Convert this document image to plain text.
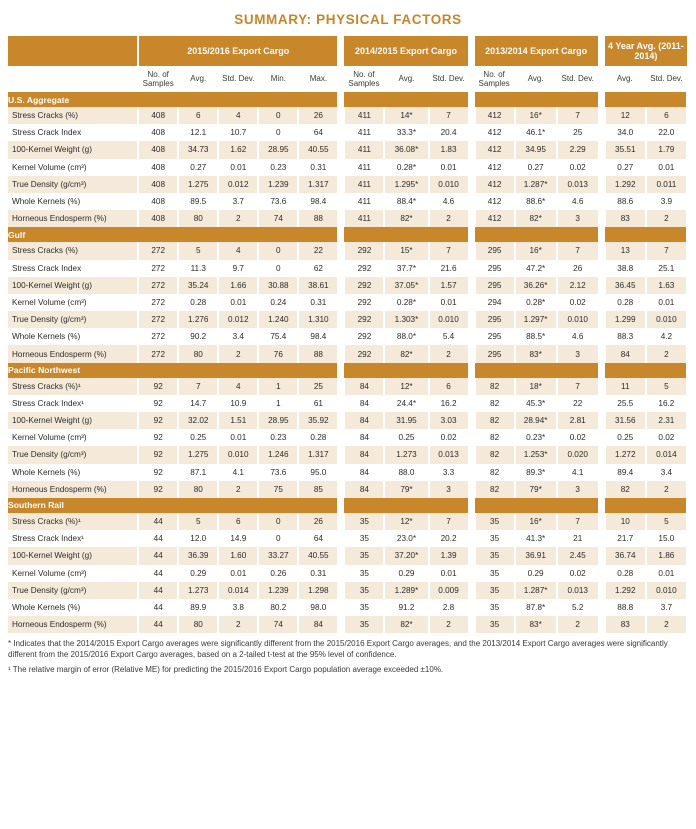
SUMMARY: PHYSICAL FACTORS
	2015/2016 Export Cargo						2014/2015 Export Cargo				2013/2014 Export Cargo				4 Year Avg. (2011-2014)	
	No. of Samples	Avg.	Std. Dev.	Min.	Max.		No. of Samples	Avg.	Std. Dev.		No. of Samples	Avg.	Std. Dev.		Avg.	Std. Dev.
U.S. Aggregate																
Stress Cracks (%)	408	6	4	0	26		411	14*	7		412	16*	7		12	6
Stress Crack Index	408	12.1	10.7	0	64		411	33.3*	20.4		412	46.1*	25		34.0	22.0
100-Kernel Weight (g)	408	34.73	1.62	28.95	40.55		411	36.08*	1.83		412	34.95	2.29		35.51	1.79
Kernel Volume (cm³)	408	0.27	0.01	0.23	0.31		411	0.28*	0.01		412	0.27	0.02		0.27	0.01
True Density (g/cm³)	408	1.275	0.012	1.239	1.317		411	1.295*	0.010		412	1.287*	0.013		1.292	0.011
Whole Kernels (%)	408	89.5	3.7	73.6	98.4		411	88.4*	4.6		412	88.6*	4.6		88.6	3.9
Horneous Endosperm (%)	408	80	2	74	88		411	82*	2		412	82*	3		83	2
Gulf																
Stress Cracks (%)	272	5	4	0	22		292	15*	7		295	16*	7		13	7
Stress Crack Index	272	11.3	9.7	0	62		292	37.7*	21.6		295	47.2*	26		38.8	25.1
100-Kernel Weight (g)	272	35.24	1.66	30.88	38.61		292	37.05*	1.57		295	36.26*	2.12		36.45	1.63
Kernel Volume (cm³)	272	0.28	0.01	0.24	0.31		292	0.28*	0.01		294	0.28*	0.02		0.28	0.01
True Density (g/cm³)	272	1.276	0.012	1.240	1.310		292	1.303*	0.010		295	1.297*	0.010		1.299	0.010
Whole Kernels (%)	272	90.2	3.4	75.4	98.4		292	88.0*	5.4		295	88.5*	4.6		88.3	4.2
Horneous Endosperm (%)	272	80	2	76	88		292	82*	2		295	83*	3		84	2
Pacific Northwest																
Stress Cracks (%)¹	92	7	4	1	25		84	12*	6		82	18*	7		11	5
Stress Crack Index¹	92	14.7	10.9	1	61		84	24.4*	16.2		82	45.3*	22		25.5	16.2
100-Kernel Weight (g)	92	32.02	1.51	28.95	35.92		84	31.95	3.03		82	28.94*	2.81		31.56	2.31
Kernel Volume (cm³)	92	0.25	0.01	0.23	0.28		84	0.25	0.02		82	0.23*	0.02		0.25	0.02
True Density (g/cm³)	92	1.275	0.010	1.246	1.317		84	1.273	0.013		82	1.253*	0.020		1.272	0.014
Whole Kernels (%)	92	87.1	4.1	73.6	95.0		84	88.0	3.3		82	89.3*	4.1		89.4	3.4
Horneous Endosperm (%)	92	80	2	75	85		84	79*	3		82	79*	3		82	2
Southern Rail																
Stress Cracks (%)¹	44	5	6	0	26		35	12*	7		35	16*	7		10	5
Stress Crack Index¹	44	12.0	14.9	0	64		35	23.0*	20.2		35	41.3*	21		21.7	15.0
100-Kernel Weight (g)	44	36.39	1.60	33.27	40.55		35	37.20*	1.39		35	36.91	2.45		36.74	1.86
Kernel Volume (cm³)	44	0.29	0.01	0.26	0.31		35	0.29	0.01		35	0.29	0.02		0.28	0.01
True Density (g/cm³)	44	1.273	0.014	1.239	1.298		35	1.289*	0.009		35	1.287*	0.013		1.292	0.010
Whole Kernels (%)	44	89.9	3.8	80.2	98.0		35	91.2	2.8		35	87.8*	5.2		88.8	3.7
Horneous Endosperm (%)	44	80	2	74	84		35	82*	2		35	83*	2		83	2

* Indicates that the 2014/2015 Export Cargo averages were significantly different from the 2015/2016 Export Cargo averages, and the 2013/2014 Export Cargo averages were significantly different from the 2015/2016 Export Cargo averages, based on a 2-tailed t-test at the 95% level of confidence.

¹ The relative margin of error (Relative ME) for predicting the 2015/2016 Export Cargo population average exceeded ±10%.
